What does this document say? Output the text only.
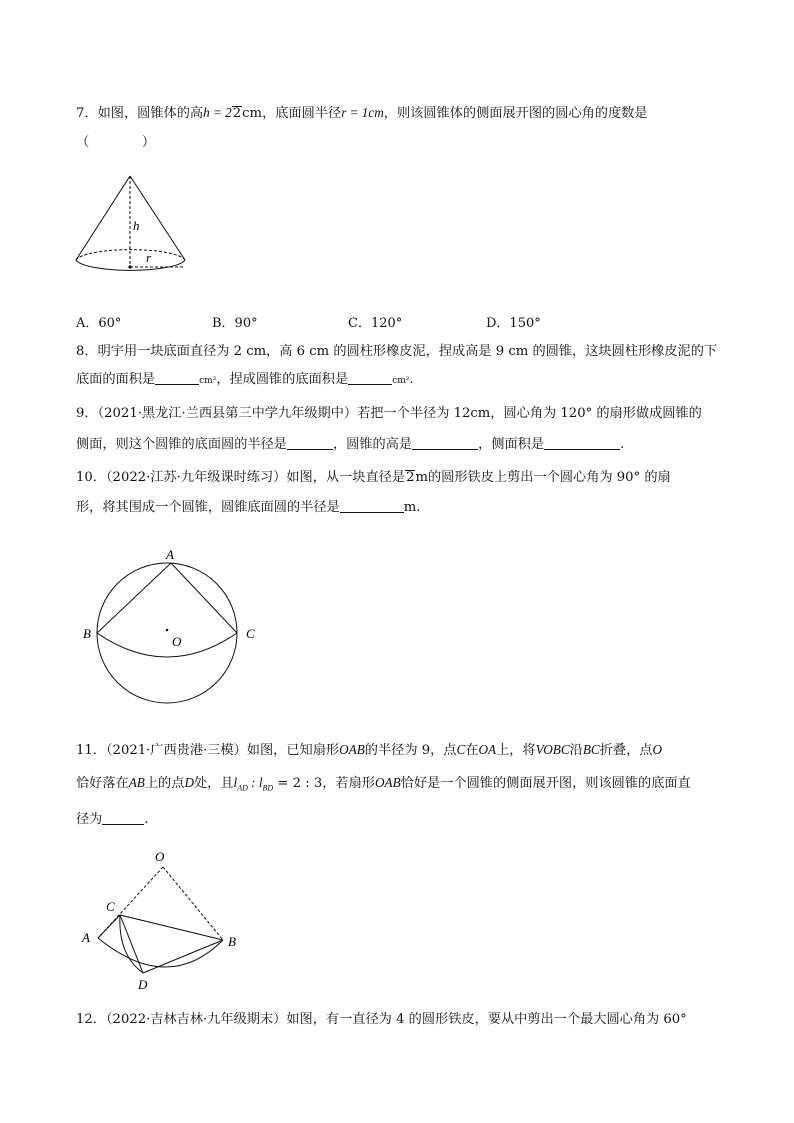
7．如图，圆锥体的高h = 22cm，底面圆半径r = 1cm，则该圆锥体的侧面展开图的圆心角的度数是
（　　　　）
h
r
A．60°	B．90°	C．120°	D．150°
8．明宇用一块底面直径为 2 cm，高 6 cm 的圆柱形橡皮泥，捏成高是 9 cm 的圆锥，这块圆柱形橡皮泥的下
底面的面积是	cm²，捏成圆锥的底面积是	cm².
9．（2021·黑龙江·兰西县第三中学九年级期中）若把一个半径为 12cm，圆心角为 120° 的扇形做成圆锥的
侧面，则这个圆锥的底面圆的半径是	，圆锥的高是	，侧面积是	.
10．（2022·江苏·九年级课时练习）如图，从一块直径是2m的圆形铁皮上剪出一个圆心角为 90° 的扇
形，将其围成一个圆锥，圆锥底面圆的半径是	m.
A
B	C
O
11．（2021·广西贵港·三模）如图，已知扇形OAB的半径为 9，点C在OA上，将VOBC沿BC折叠，点O
恰好落在AB上的点D处，且$l_{AD}$ : $l_{BD} = 2$ : 3，若扇形OAB恰好是一个圆锥的侧面展开图，则该圆锥的底面直
径为	.
O
C
A	B
D
12．（2022·吉林吉林·九年级期末）如图，有一直径为 4 的圆形铁皮，要从中剪出一个最大圆心角为 60°
